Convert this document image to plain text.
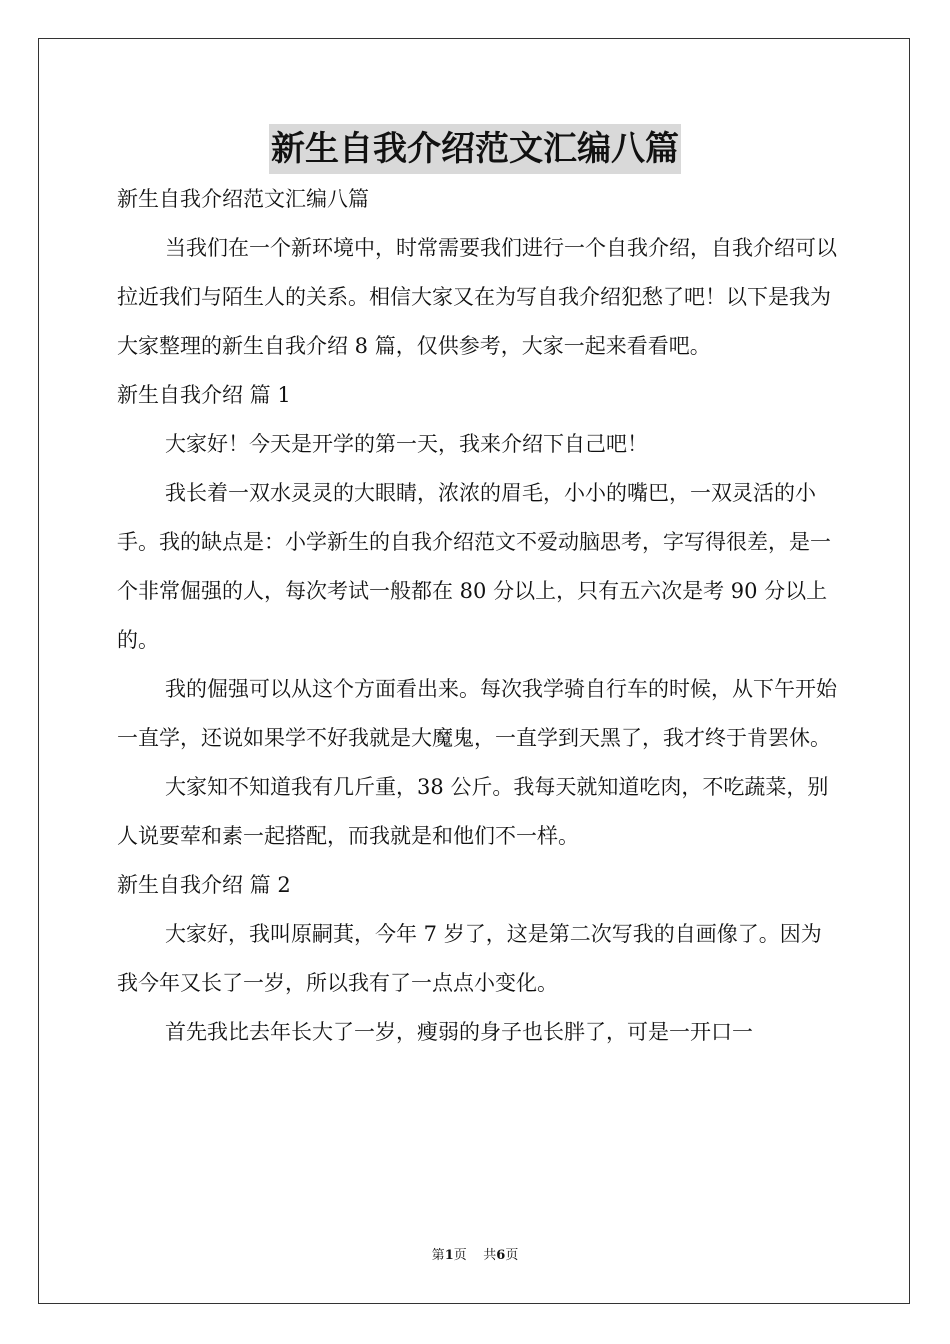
新生自我介绍范文汇编八篇

新生自我介绍范文汇编八篇

当我们在一个新环境中，时常需要我们进行一个自我介绍，自我介绍可以拉近我们与陌生人的关系。相信大家又在为写自我介绍犯愁了吧！以下是我为大家整理的新生自我介绍 8 篇，仅供参考，大家一起来看看吧。

新生自我介绍 篇 1

大家好！今天是开学的第一天，我来介绍下自己吧！

我长着一双水灵灵的大眼睛，浓浓的眉毛，小小的嘴巴，一双灵活的小手。我的缺点是：小学新生的自我介绍范文不爱动脑思考，字写得很差，是一个非常倔强的人，每次考试一般都在 80 分以上，只有五六次是考 90 分以上的。

我的倔强可以从这个方面看出来。每次我学骑自行车的时候，从下午开始一直学，还说如果学不好我就是大魔鬼，一直学到天黑了，我才终于肯罢休。

大家知不知道我有几斤重，38 公斤。我每天就知道吃肉，不吃蔬菜，别人说要荤和素一起搭配，而我就是和他们不一样。

新生自我介绍 篇 2

大家好，我叫原嗣萁，今年 7 岁了，这是第二次写我的自画像了。因为我今年又长了一岁，所以我有了一点点小变化。

首先我比去年长大了一岁，瘦弱的身子也长胖了，可是一开口一

第1页    共6页
